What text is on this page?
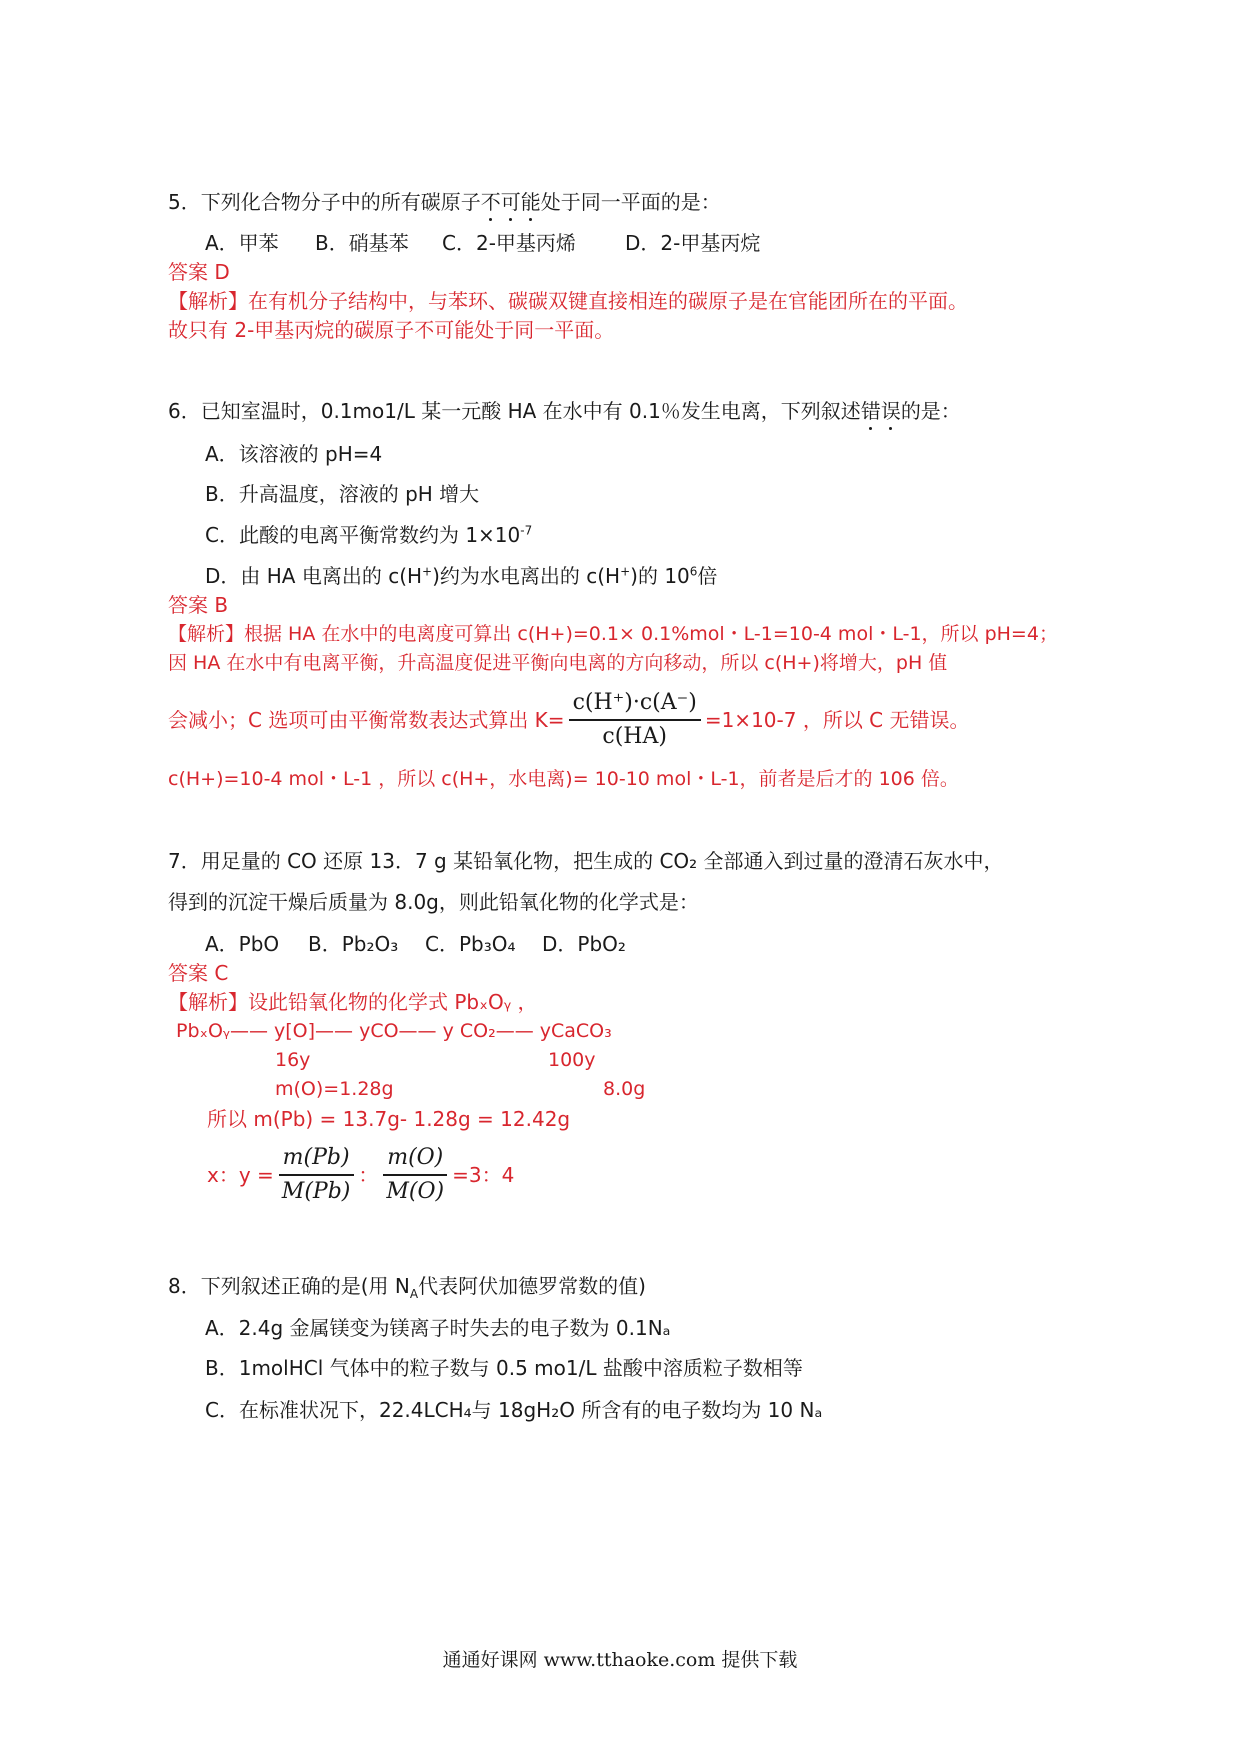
5．下列化合物分子中的所有碳原子不可能处于同一平面的是：
A．甲苯 B．硝基苯 C．2-甲基丙烯 D．2-甲基丙烷
答案 D
【解析】在有机分子结构中，与苯环、碳碳双键直接相连的碳原子是在官能团所在的平面。
故只有 2-甲基丙烷的碳原子不可能处于同一平面。
6．已知室温时，0.1mo1/L 某一元酸 HA 在水中有 0.1％发生电离，下列叙述错误的是：
A．该溶液的 pH=4
B．升高温度，溶液的 pH 增大
C．此酸的电离平衡常数约为 $1\times 10^{-7}$
D．由 HA 电离出的 c(H+)约为水电离出的 c(H+)的 $10^6$倍
答案 B
【解析】根据 HA 在水中的电离度可算出 c(H+)=0.1× 0.1%mol・L-1=10-4 mol・L-1，所以 pH=4；
因 HA 在水中有电离平衡，升高温度促进平衡向电离的方向移动，所以 c(H+)将增大，pH 值
会减小；C 选项可由平衡常数表达式算出 $K= \frac{c(H^+)\cdot c(A^-)}{c(HA)} =1\times 10-7$ ，所以 C 无错误。
c(H+)=10-4 mol・L-1 ，所以 c(H+，水电离)= 10-10 mol・L-1，前者是后才的 106 倍。
7．用足量的 CO 还原 13．7 g 某铅氧化物，把生成的 CO₂ 全部通入到过量的澄清石灰水中，
得到的沉淀干燥后质量为 8.0g，则此铅氧化物的化学式是：
A．PbO B．Pb₂O₃ C．Pb₃O₄ D．PbO₂
答案 C
【解析】设此铅氧化物的化学式 PbₓOᵧ ，
PbₓOᵧ—— y[O]—— yCO—— y CO₂—— yCaCO₃
16y	100y
m(O)=1.28g	8.0g
所以 m(Pb) = 13.7g- 1.28g = 12.42g
x：$y = \frac{m(Pb)}{M(Pb)}$ ： $\frac{m(O)}{M(O)} =3$：4
8．下列叙述正确的是(用 $N_A$代表阿伏加德罗常数的值)
A．2.4g 金属镁变为镁离子时失去的电子数为 0.1Nₐ
B．1molHCl 气体中的粒子数与 0.5 mo1/L 盐酸中溶质粒子数相等
C．在标准状况下，22.4LCH₄与 18gH₂O 所含有的电子数均为 10 Nₐ
通通好课网 www.tthaoke.com 提供下载
